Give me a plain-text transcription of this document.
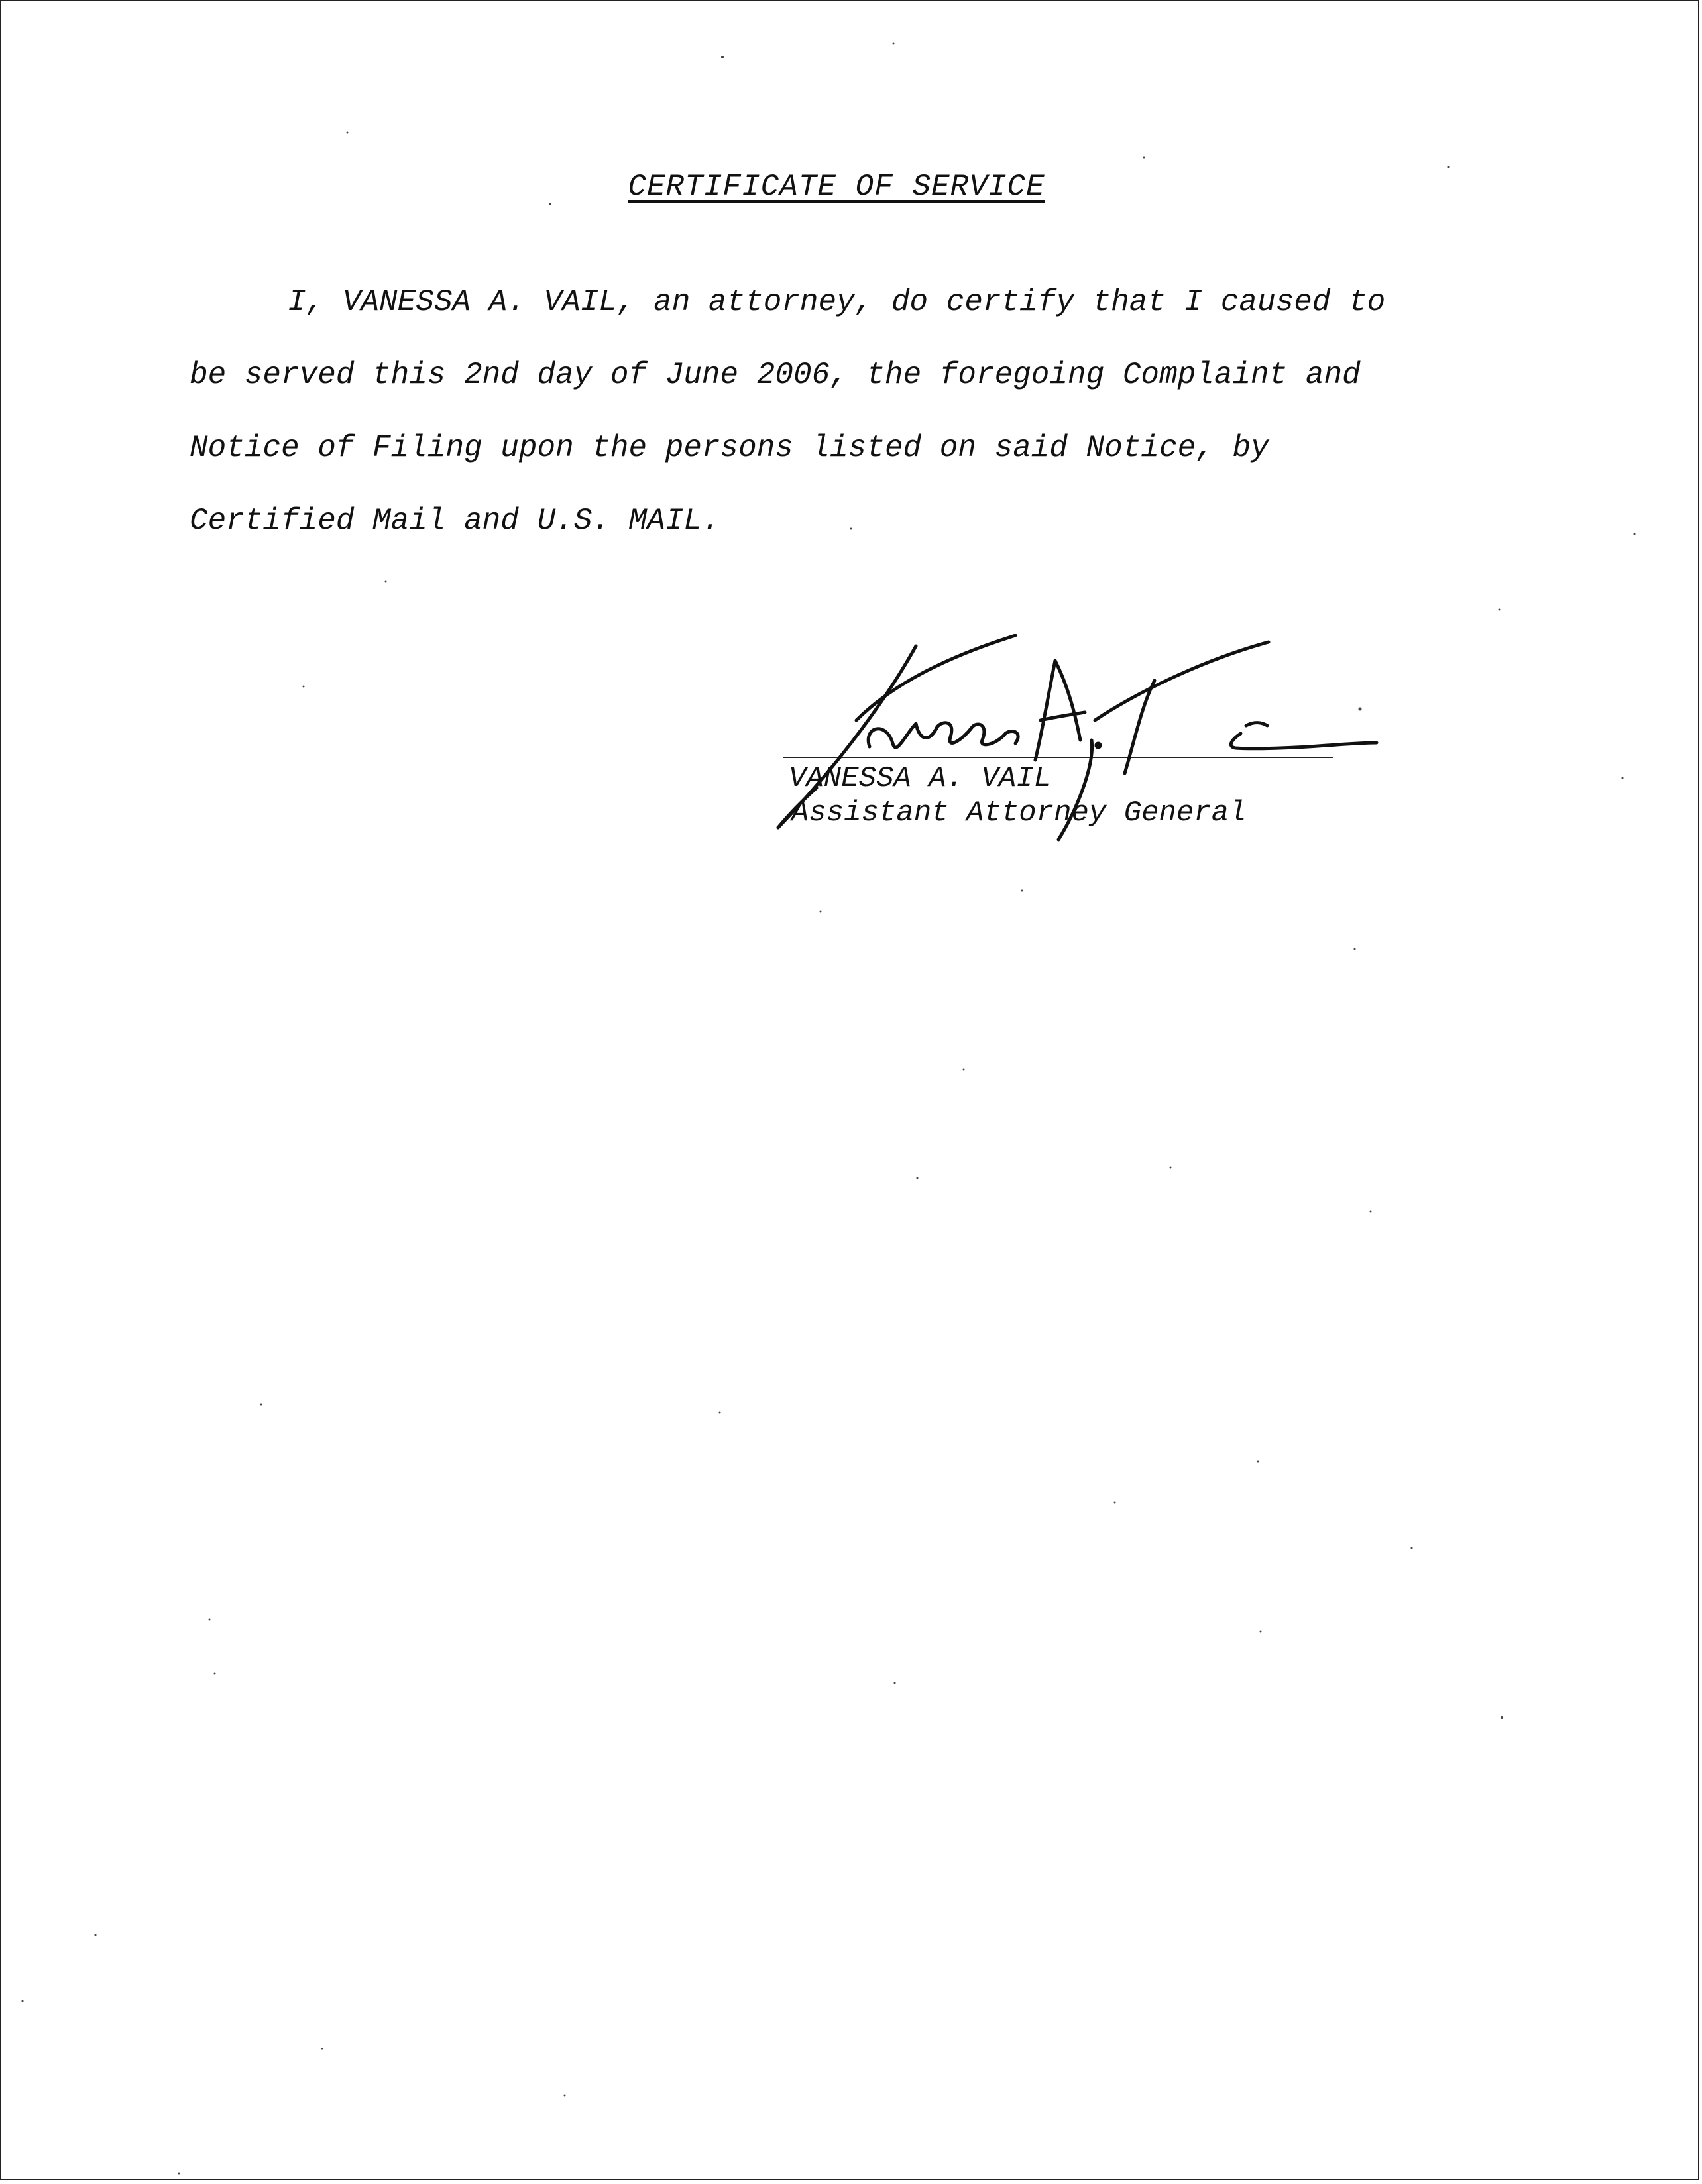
CERTIFICATE OF SERVICE
I, VANESSA A. VAIL, an attorney, do certify that I caused to
be served this 2nd day of June 2006, the foregoing Complaint and
Notice of Filing upon the persons listed on said Notice, by
Certified Mail and U.S. MAIL.
VANESSA A. VAIL
Assistant Attorney General
